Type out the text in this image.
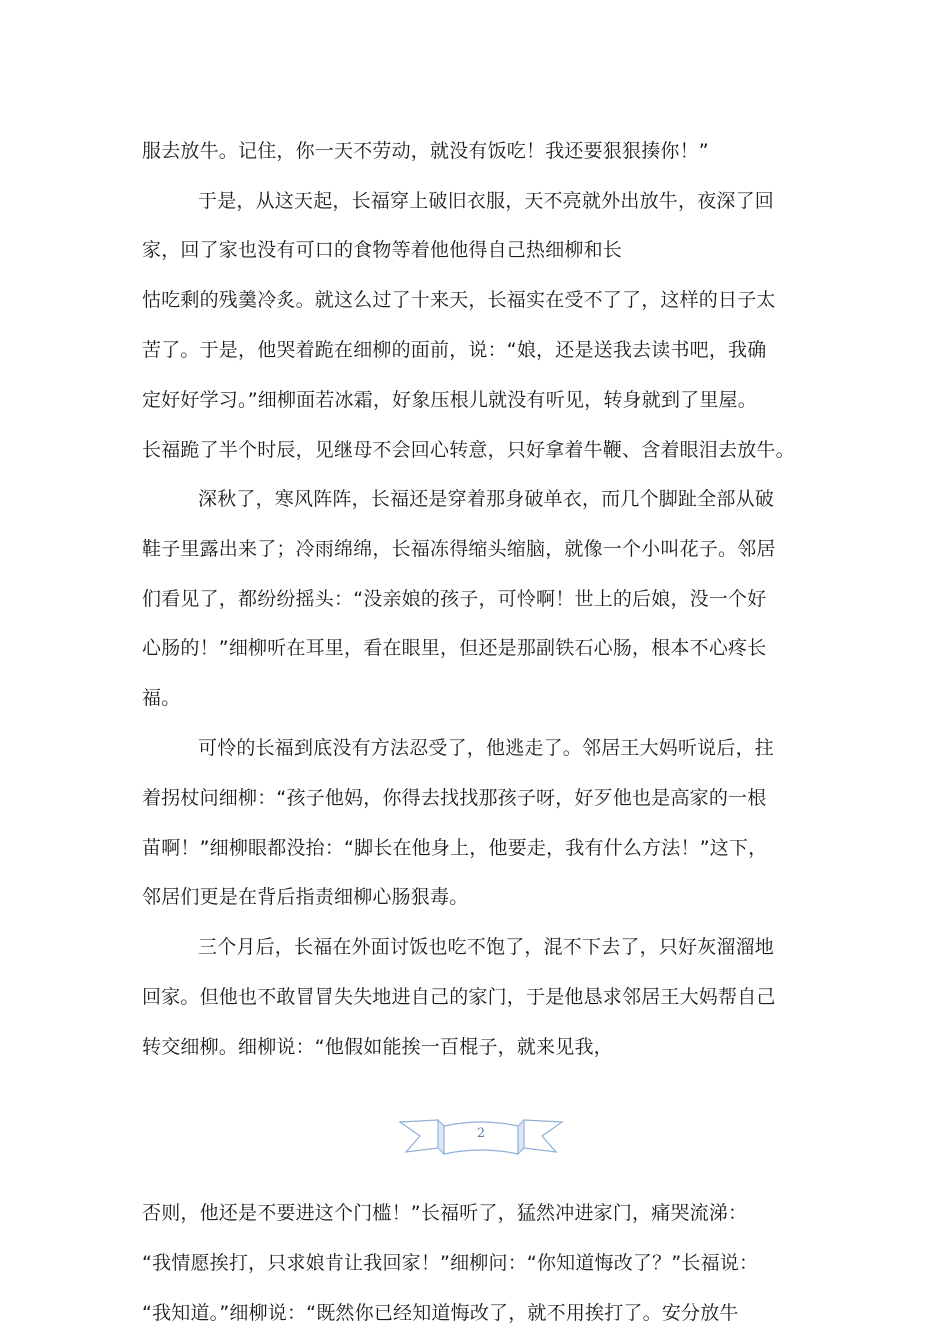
服去放牛。记住，你一天不劳动，就没有饭吃！我还要狠狠揍你！”

于是，从这天起，长福穿上破旧衣服，天不亮就外出放牛，夜深了回

家，回了家也没有可口的食物等着他他得自己热细柳和长

怙吃剩的残羹冷炙。就这么过了十来天，长福实在受不了了，这样的日子太

苦了。于是，他哭着跪在细柳的面前，说：“娘，还是送我去读书吧，我确

定好好学习。”细柳面若冰霜，好象压根儿就没有听见，转身就到了里屋。

长福跪了半个时辰，见继母不会回心转意，只好拿着牛鞭、含着眼泪去放牛。

深秋了，寒风阵阵，长福还是穿着那身破单衣，而几个脚趾全部从破

鞋子里露出来了；冷雨绵绵，长福冻得缩头缩脑，就像一个小叫花子。邻居

们看见了，都纷纷摇头：“没亲娘的孩子，可怜啊！世上的后娘，没一个好

心肠的！”细柳听在耳里，看在眼里，但还是那副铁石心肠，根本不心疼长

福。

可怜的长福到底没有方法忍受了，他逃走了。邻居王大妈听说后，拄

着拐杖问细柳：“孩子他妈，你得去找找那孩子呀，好歹他也是高家的一根

苗啊！”细柳眼都没抬：“脚长在他身上，他要走，我有什么方法！”这下，

邻居们更是在背后指责细柳心肠狠毒。

三个月后，长福在外面讨饭也吃不饱了，混不下去了，只好灰溜溜地

回家。但他也不敢冒冒失失地进自己的家门，于是他恳求邻居王大妈帮自己

转交细柳。细柳说：“他假如能挨一百棍子，就来见我，

2

否则，他还是不要进这个门槛！”长福听了，猛然冲进家门，痛哭流涕：

“我情愿挨打，只求娘肯让我回家！”细柳问：“你知道悔改了？”长福说：

“我知道。”细柳说：“既然你已经知道悔改了，就不用挨打了。安分放牛
